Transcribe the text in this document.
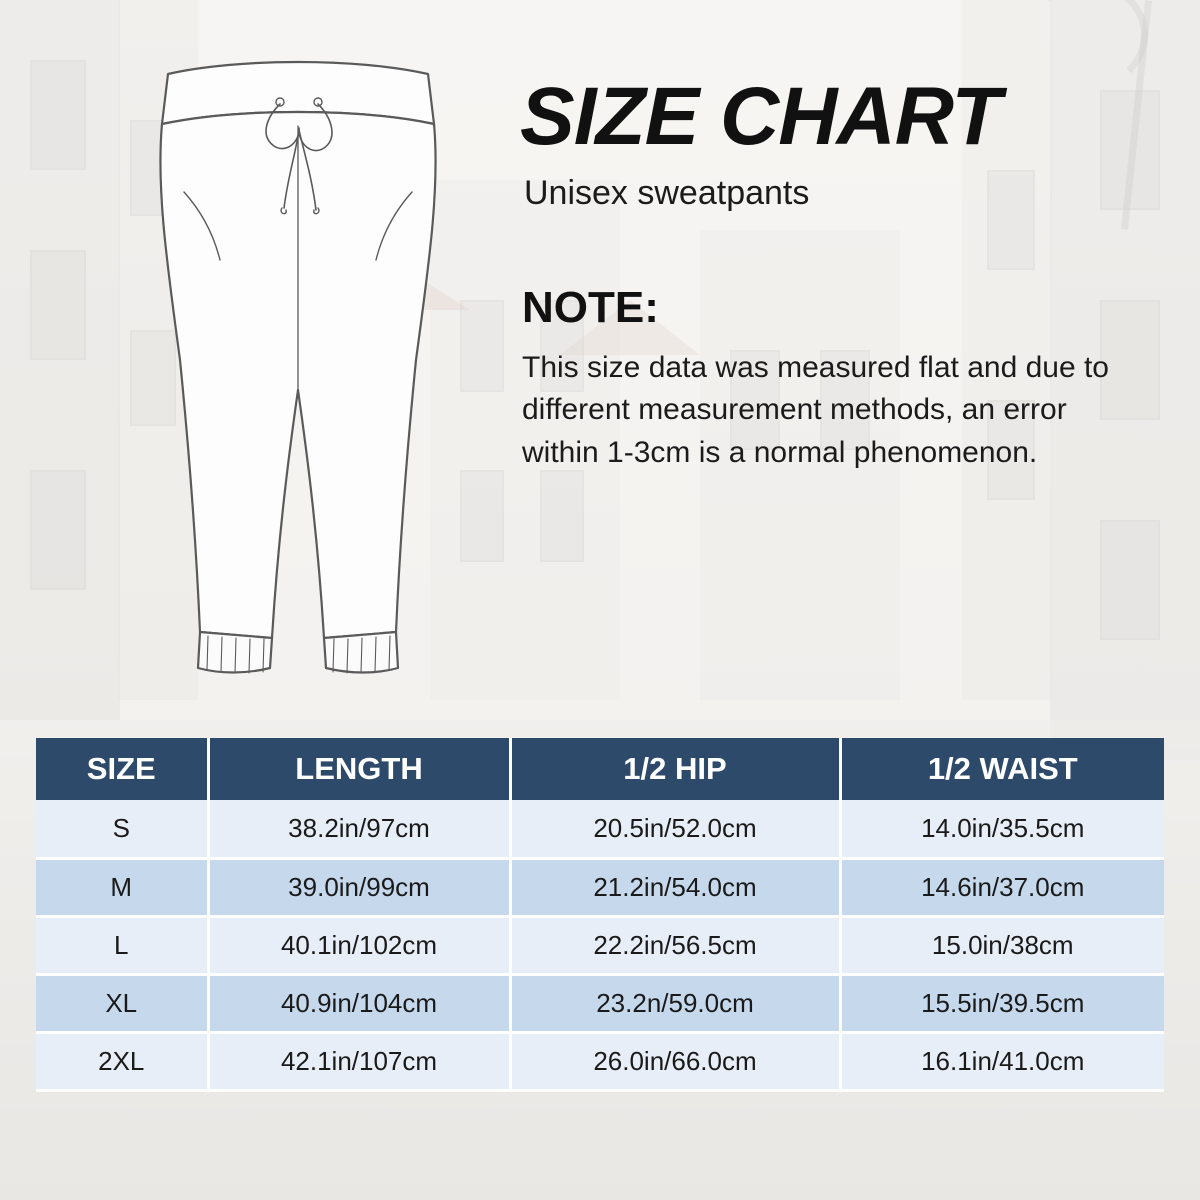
SIZE CHART
Unisex sweatpants
NOTE:
This size data was measured flat and due to different measurement methods, an error within 1-3cm is a normal phenomenon.
SIZE	LENGTH	1/2 HIP	1/2 WAIST
S	38.2in/97cm	20.5in/52.0cm	14.0in/35.5cm
M	39.0in/99cm	21.2in/54.0cm	14.6in/37.0cm
L	40.1in/102cm	22.2in/56.5cm	15.0in/38cm
XL	40.9in/104cm	23.2n/59.0cm	15.5in/39.5cm
2XL	42.1in/107cm	26.0in/66.0cm	16.1in/41.0cm
